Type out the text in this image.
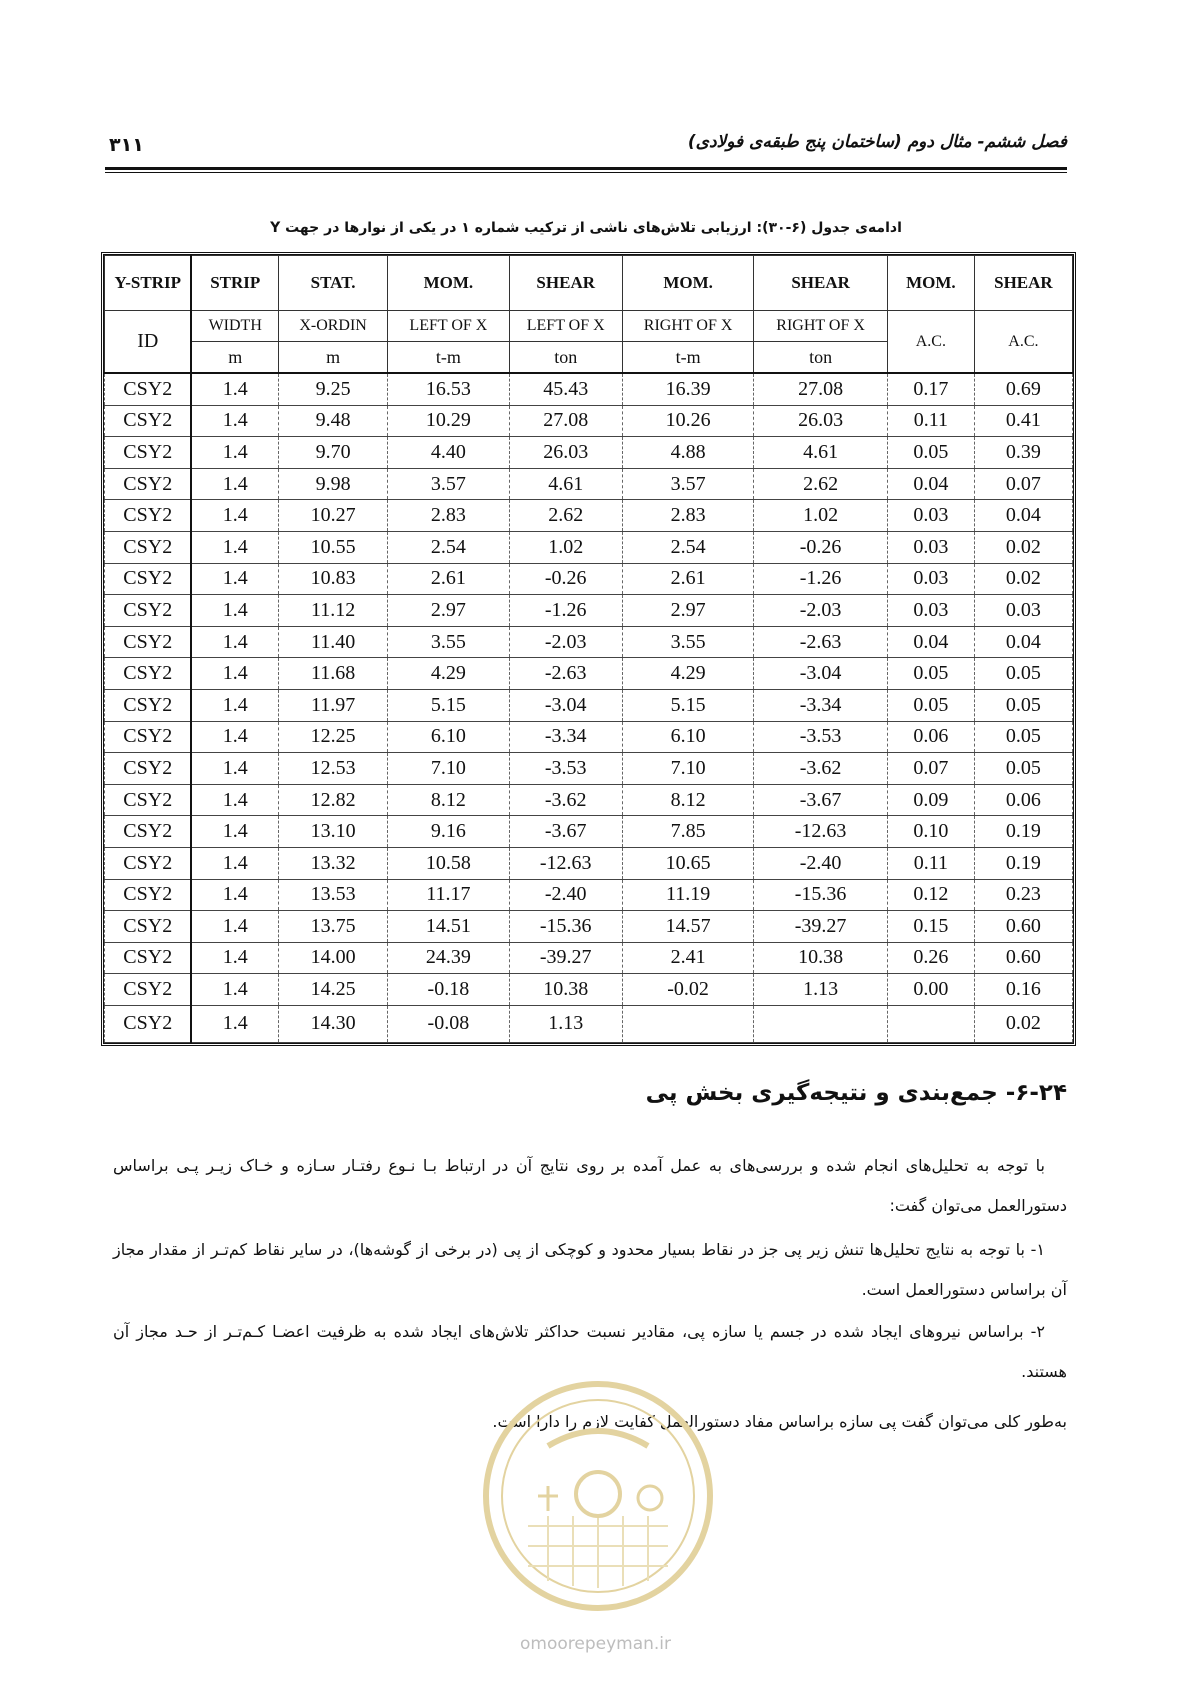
فصل ششم- مثال دوم (ساختمان پنج طبقه‌ی فولادی)
۳۱۱
ادامه‌ی جدول (۶-۳۰): ارزیابی تلاش‌های ناشی از ترکیب شماره ۱ در یکی از نوارها در جهت Y
Y-STRIP	STRIP	STAT.	MOM.	SHEAR	MOM.	SHEAR	MOM.	SHEAR
ID	WIDTH	X-ORDIN	LEFT OF X	LEFT OF X	RIGHT OF X	RIGHT OF X	A.C.	A.C.
	m	m	t-m	ton	t-m	ton		
CSY2	1.4	9.25	16.53	45.43	16.39	27.08	0.17	0.69
CSY2	1.4	9.48	10.29	27.08	10.26	26.03	0.11	0.41
CSY2	1.4	9.70	4.40	26.03	4.88	4.61	0.05	0.39
CSY2	1.4	9.98	3.57	4.61	3.57	2.62	0.04	0.07
CSY2	1.4	10.27	2.83	2.62	2.83	1.02	0.03	0.04
CSY2	1.4	10.55	2.54	1.02	2.54	-0.26	0.03	0.02
CSY2	1.4	10.83	2.61	-0.26	2.61	-1.26	0.03	0.02
CSY2	1.4	11.12	2.97	-1.26	2.97	-2.03	0.03	0.03
CSY2	1.4	11.40	3.55	-2.03	3.55	-2.63	0.04	0.04
CSY2	1.4	11.68	4.29	-2.63	4.29	-3.04	0.05	0.05
CSY2	1.4	11.97	5.15	-3.04	5.15	-3.34	0.05	0.05
CSY2	1.4	12.25	6.10	-3.34	6.10	-3.53	0.06	0.05
CSY2	1.4	12.53	7.10	-3.53	7.10	-3.62	0.07	0.05
CSY2	1.4	12.82	8.12	-3.62	8.12	-3.67	0.09	0.06
CSY2	1.4	13.10	9.16	-3.67	7.85	-12.63	0.10	0.19
CSY2	1.4	13.32	10.58	-12.63	10.65	-2.40	0.11	0.19
CSY2	1.4	13.53	11.17	-2.40	11.19	-15.36	0.12	0.23
CSY2	1.4	13.75	14.51	-15.36	14.57	-39.27	0.15	0.60
CSY2	1.4	14.00	24.39	-39.27	2.41	10.38	0.26	0.60
CSY2	1.4	14.25	-0.18	10.38	-0.02	1.13	0.00	0.16
CSY2	1.4	14.30	-0.08	1.13				0.02
۶-۲۴- جمع‌بندی و نتیجه‌گیری بخش پی
با توجه به تحلیل‌های انجام شده و بررسی‌های به عمل آمده بر روی نتایج آن در ارتباط بـا نـوع رفتـار سـازه و خـاک زیـر پـی براساس دستورالعمل می‌توان گفت:
۱- با توجه به نتایج تحلیل‌ها تنش زیر پی جز در نقاط بسیار محدود و کوچکی از پی (در برخی از گوشه‌ها)، در سایر نقاط کم‌تـر از مقدار مجاز آن براساس دستورالعمل است.
۲- براساس نیروهای ایجاد شده در جسم یا سازه پی، مقادیر نسبت حداکثر تلاش‌های ایجاد شده به ظرفیت اعضـا کـم‌تـر از حـد مجاز آن هستند.
به‌طور کلی می‌توان گفت پی سازه براساس مفاد دستورالعمل کفایت لازم را دارا است.
omoorepeyman.ir
